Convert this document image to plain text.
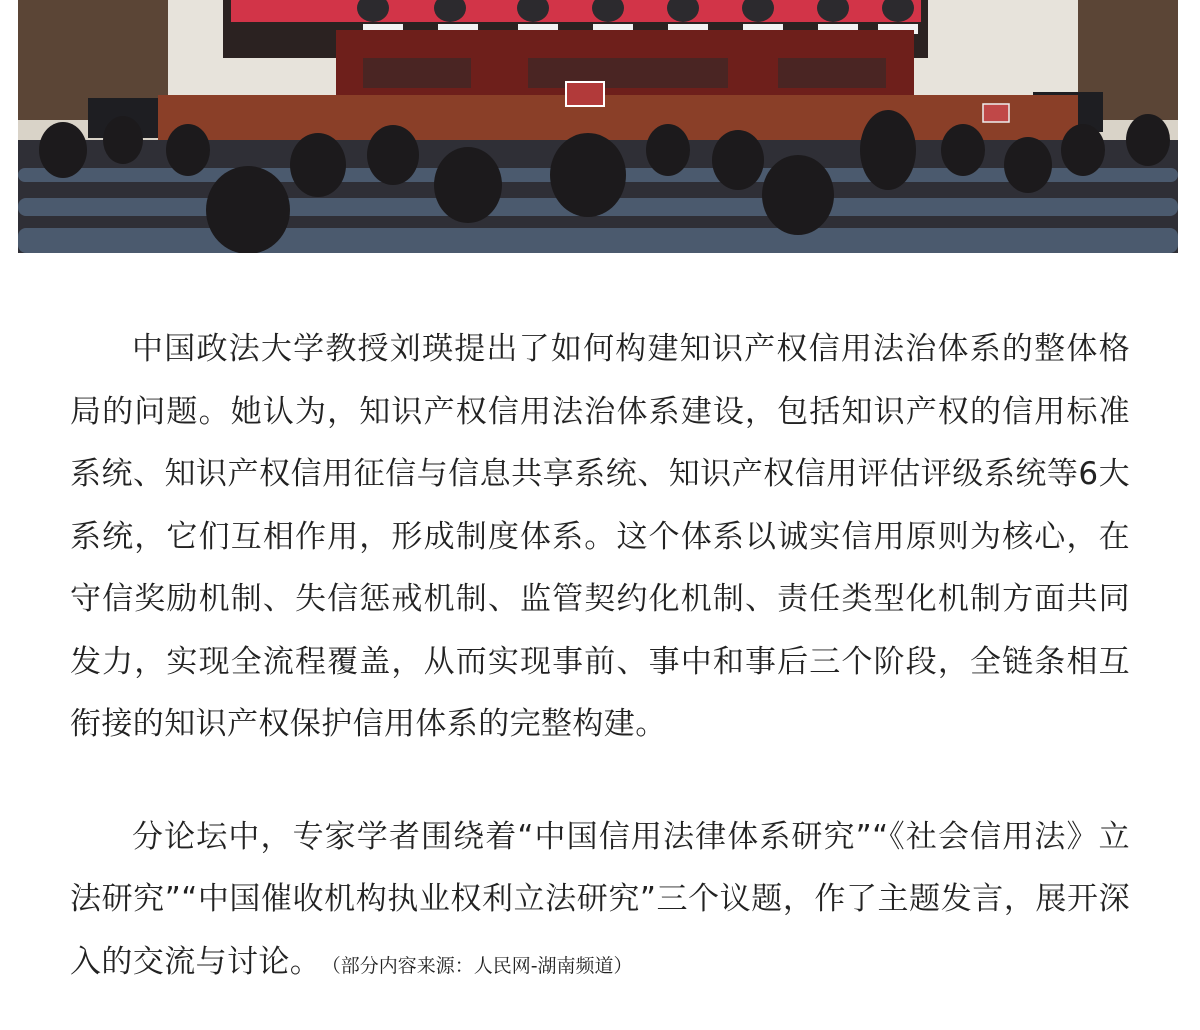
中国政法大学教授刘瑛提出了如何构建知识产权信用法治体系的整体格局的问题。她认为，知识产权信用法治体系建设，包括知识产权的信用标准系统、知识产权信用征信与信息共享系统、知识产权信用评估评级系统等6大系统，它们互相作用，形成制度体系。这个体系以诚实信用原则为核心，在守信奖励机制、失信惩戒机制、监管契约化机制、责任类型化机制方面共同发力，实现全流程覆盖，从而实现事前、事中和事后三个阶段，全链条相互衔接的知识产权保护信用体系的完整构建。

分论坛中，专家学者围绕着“中国信用法律体系研究”“《社会信用法》立法研究”“中国催收机构执业权利立法研究”三个议题，作了主题发言，展开深入的交流与讨论。 （部分内容来源：人民网-湖南频道）
